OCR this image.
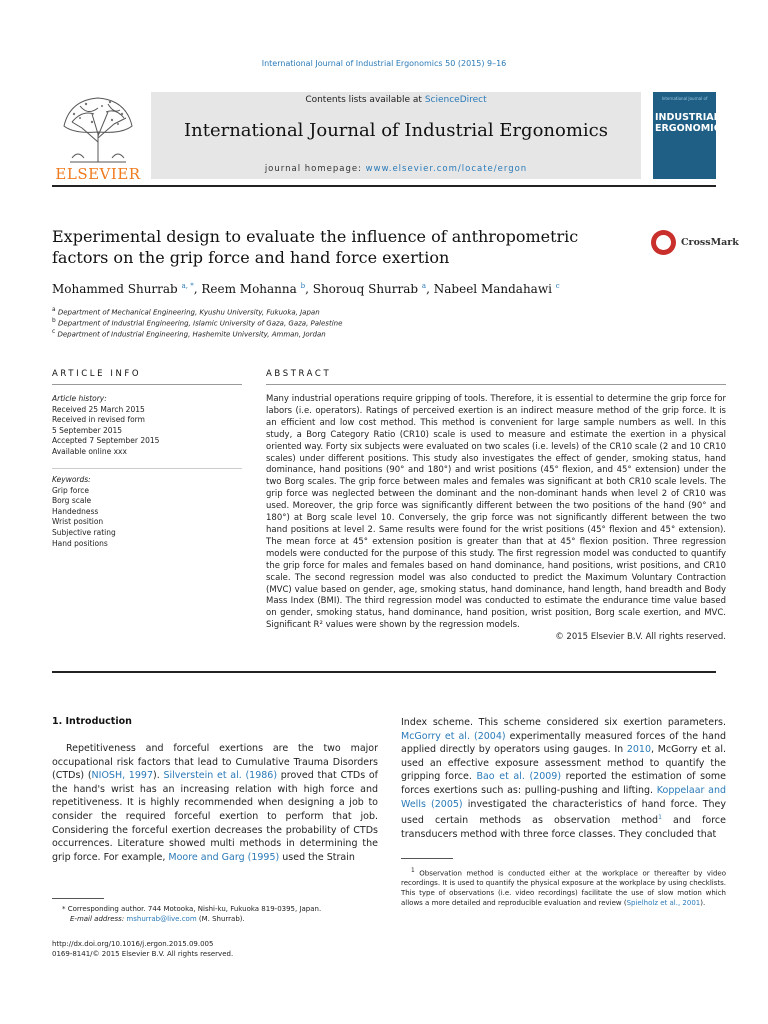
International Journal of Industrial Ergonomics 50 (2015) 9–16
ELSEVIER
Contents lists available at ScienceDirect
International Journal of Industrial Ergonomics
journal homepage: www.elsevier.com/locate/ergon
International Journal of
INDUSTRIAL
ERGONOMICS
Experimental design to evaluate the influence of anthropometric
factors on the grip force and hand force exertion
CrossMark
Mohammed Shurrab $^{a, *}$, Reem Mohanna $^b$, Shorouq Shurrab $^a$, Nabeel Mandahawi $^c$
$^a$ Department of Mechanical Engineering, Kyushu University, Fukuoka, Japan
$^b$ Department of Industrial Engineering, Islamic University of Gaza, Gaza, Palestine
$^c$ Department of Industrial Engineering, Hashemite University, Amman, Jordan
ARTICLE INFO
Article history:
Received 25 March 2015
Received in revised form
5 September 2015
Accepted 7 September 2015
Available online xxx
Keywords:
Grip force
Borg scale
Handedness
Wrist position
Subjective rating
Hand positions
ABSTRACT
Many industrial operations require gripping of tools. Therefore, it is essential to determine the grip force for labors (i.e. operators). Ratings of perceived exertion is an indirect measure method of the grip force. It is an efficient and low cost method. This method is convenient for large sample numbers as well. In this study, a Borg Category Ratio (CR10) scale is used to measure and estimate the exertion in a physical oriented way. Forty six subjects were evaluated on two scales (i.e. levels) of the CR10 scale (2 and 10 CR10 scales) under different positions. This study also investigates the effect of gender, smoking status, hand dominance, hand positions (90° and 180°) and wrist positions (45° flexion, and 45° extension) under the two Borg scales. The grip force between males and females was significant at both CR10 scale levels. The grip force was neglected between the dominant and the non-dominant hands when level 2 of CR10 was used. Moreover, the grip force was significantly different between the two positions of the hand (90° and 180°) at Borg scale level 10. Conversely, the grip force was not significantly different between the two hand positions at level 2. Same results were found for the wrist positions (45° flexion and 45° extension). The mean force at 45° extension position is greater than that at 45° flexion position. Three regression models were conducted for the purpose of this study. The first regression model was conducted to quantify the grip force for males and females based on hand dominance, hand positions, wrist positions, and CR10 scale. The second regression model was also conducted to predict the Maximum Voluntary Contraction (MVC) value based on gender, age, smoking status, hand dominance, hand length, hand breadth and Body Mass Index (BMI). The third regression model was conducted to estimate the endurance time value based on gender, smoking status, hand dominance, hand position, wrist position, Borg scale exertion, and MVC. Significant R² values were shown by the regression models.
© 2015 Elsevier B.V. All rights reserved.
1. Introduction
Repetitiveness and forceful exertions are the two major occupational risk factors that lead to Cumulative Trauma Disorders (CTDs) (NIOSH, 1997). Silverstein et al. (1986) proved that CTDs of the hand's wrist has an increasing relation with high force and repetitiveness. It is highly recommended when designing a job to consider the required forceful exertion to perform that job. Considering the forceful exertion decreases the probability of CTDs occurrences. Literature showed multi methods in determining the grip force. For example, Moore and Garg (1995) used the Strain
Index scheme. This scheme considered six exertion parameters. McGorry et al. (2004) experimentally measured forces of the hand applied directly by operators using gauges. In 2010, McGorry et al. used an effective exposure assessment method to quantify the gripping force. Bao et al. (2009) reported the estimation of some forces exertions such as: pulling-pushing and lifting. Koppelaar and Wells (2005) investigated the characteristics of hand force. They used certain methods as observation method$^1$ and force transducers method with three force classes. They concluded that
$^1$ Observation method is conducted either at the workplace or thereafter by video recordings. It is used to quantify the physical exposure at the workplace by using checklists. This type of observations (i.e. video recordings) facilitate the use of slow motion which allows a more detailed and reproducible evaluation and review (Spielholz et al., 2001).
* Corresponding author. 744 Motooka, Nishi-ku, Fukuoka 819-0395, Japan.
E-mail address: mshurrab@live.com (M. Shurrab).
http://dx.doi.org/10.1016/j.ergon.2015.09.005
0169-8141/© 2015 Elsevier B.V. All rights reserved.
